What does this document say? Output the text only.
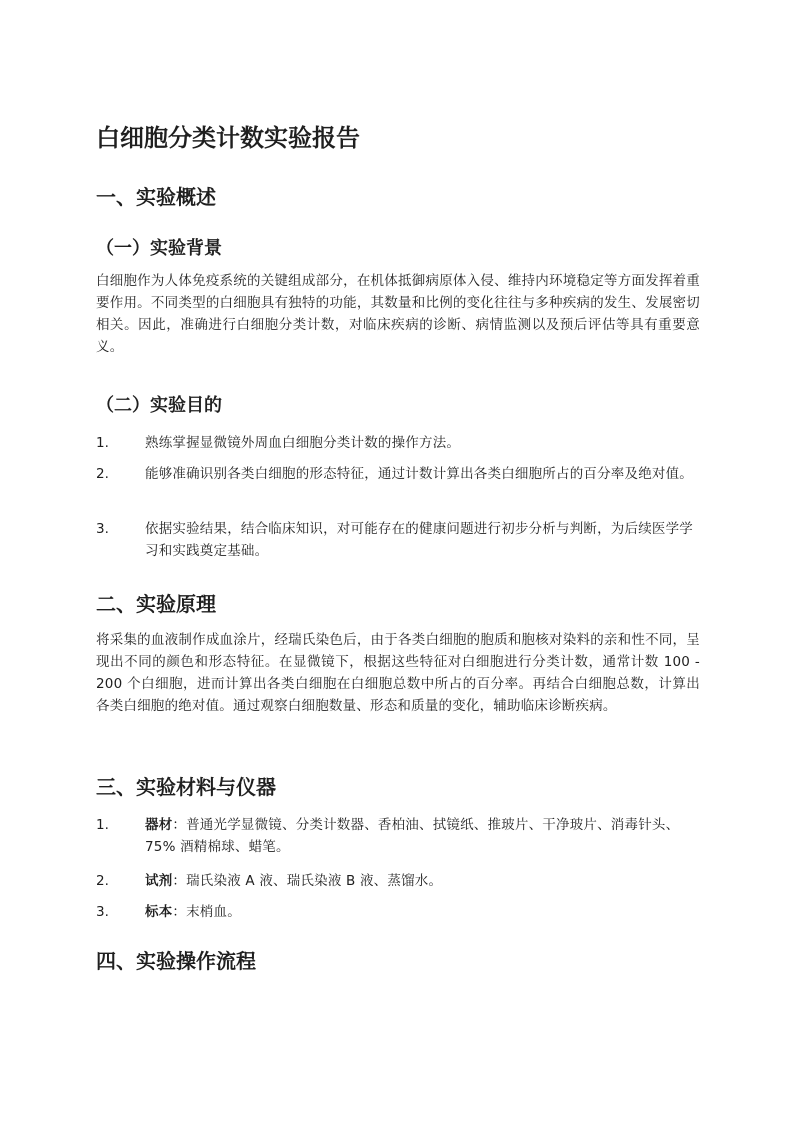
白细胞分类计数实验报告
一、实验概述
（一）实验背景

白细胞作为人体免疫系统的关键组成部分，在机体抵御病原体入侵、维持内环境稳定等方面发挥着重要作用。不同类型的白细胞具有独特的功能，其数量和比例的变化往往与多种疾病的发生、发展密切相关。因此，准确进行白细胞分类计数，对临床疾病的诊断、病情监测以及预后评估等具有重要意义。

（二）实验目的
1.	熟练掌握显微镜外周血白细胞分类计数的操作方法。
2.	能够准确识别各类白细胞的形态特征，通过计数计算出各类白细胞所占的百分率及绝对值。
3.	依据实验结果，结合临床知识，对可能存在的健康问题进行初步分析与判断，为后续医学学习和实践奠定基础。
二、实验原理

将采集的血液制作成血涂片，经瑞氏染色后，由于各类白细胞的胞质和胞核对染料的亲和性不同，呈现出不同的颜色和形态特征。在显微镜下，根据这些特征对白细胞进行分类计数，通常计数 100 - 200 个白细胞，进而计算出各类白细胞在白细胞总数中所占的百分率。再结合白细胞总数，计算出各类白细胞的绝对值。通过观察白细胞数量、形态和质量的变化，辅助临床诊断疾病。

三、实验材料与仪器
1.	器材：普通光学显微镜、分类计数器、香柏油、拭镜纸、推玻片、干净玻片、消毒针头、75% 酒精棉球、蜡笔。
2.	试剂：瑞氏染液 A 液、瑞氏染液 B 液、蒸馏水。
3.	标本：末梢血。
四、实验操作流程
